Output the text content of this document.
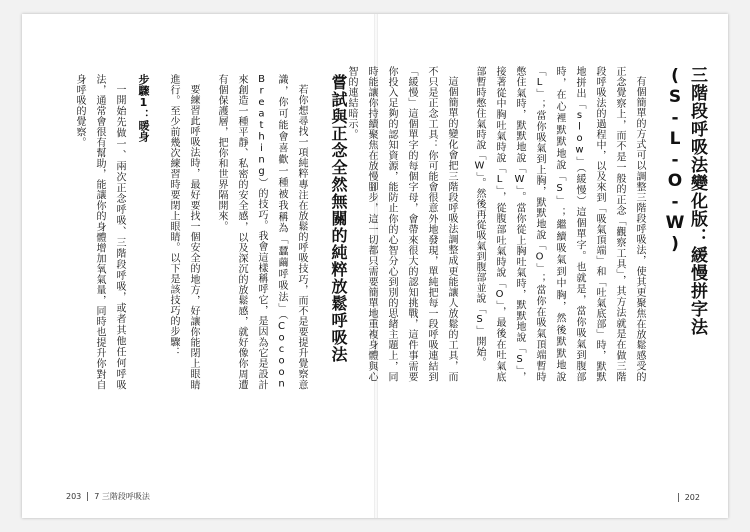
嘗試與正念全然無關的純粹放鬆呼吸法

若你想尋找一項純粹專注在放鬆的呼吸技巧，而不是要提升覺察意識，你可能會喜歡一種被我稱為「蠶繭呼吸法」（Cocoon Breathing）的技巧。我會這樣稱呼它，是因為它是設計來創造一種平靜、私密的安全感，以及深沉的放鬆感，就好像你周遭有個保護層，把你和世界隔開來。

要練習此呼吸法時，最好要找一個安全的地方，好讓你能閉上眼睛進行。至少前幾次練習時要閉上眼睛。以下是該技巧的步驟：

步驟1：暖身

一開始先做一、兩次正念呼吸、三階段呼吸，或者其他任何呼吸法，通常會很有幫助，能讓你的身體增加氧氣量，同時也提升你對自身呼吸的覺察。

203 7 三階段呼吸法
三階段呼吸法變化版：緩慢拼字法(S-L-O-W)

有個簡單的方式可以調整三階段呼吸法，使其更聚焦在放鬆感受的正念覺察上，而不是一般的正念「觀察工具」，其方法就是在做三階段呼吸法的過程中，以及來到「吸氣頂端」和「吐氣底部」時，默默地拼出「slow」（緩慢）這個單字。也就是，當你吸氣到腹部時，在心裡默默地說「S」；繼續吸氣到中胸，然後默默地說「L」；當你吸氣到上胸，默默地說「O」；當你在吸氣頂端暫時憋住氣時，默默地說「W」。當你從上胸吐氣時，默默地說「S」，接著從中胸吐氣時說「L」，從腹部吐氣時說「O」，最後在吐氣底部暫時憋住氣時說「W」。然後再從吸氣到腹部並說「S」開始。

這個簡單的變化會把三階段呼吸法調整成更能讓人放鬆的工具，而不只是正念工具：你可能會很意外地發現，單純把每一段呼吸連結到「緩慢」這個單字的每個字母，會帶來很大的認知挑戰，這件事需要你投入足夠的認知資源，能防止你的心智分心到別的思緒主題上，同時能讓你持續聚焦在放慢腳步，這一切都只需要簡單地重複身體與心智的連結暗示。

202
